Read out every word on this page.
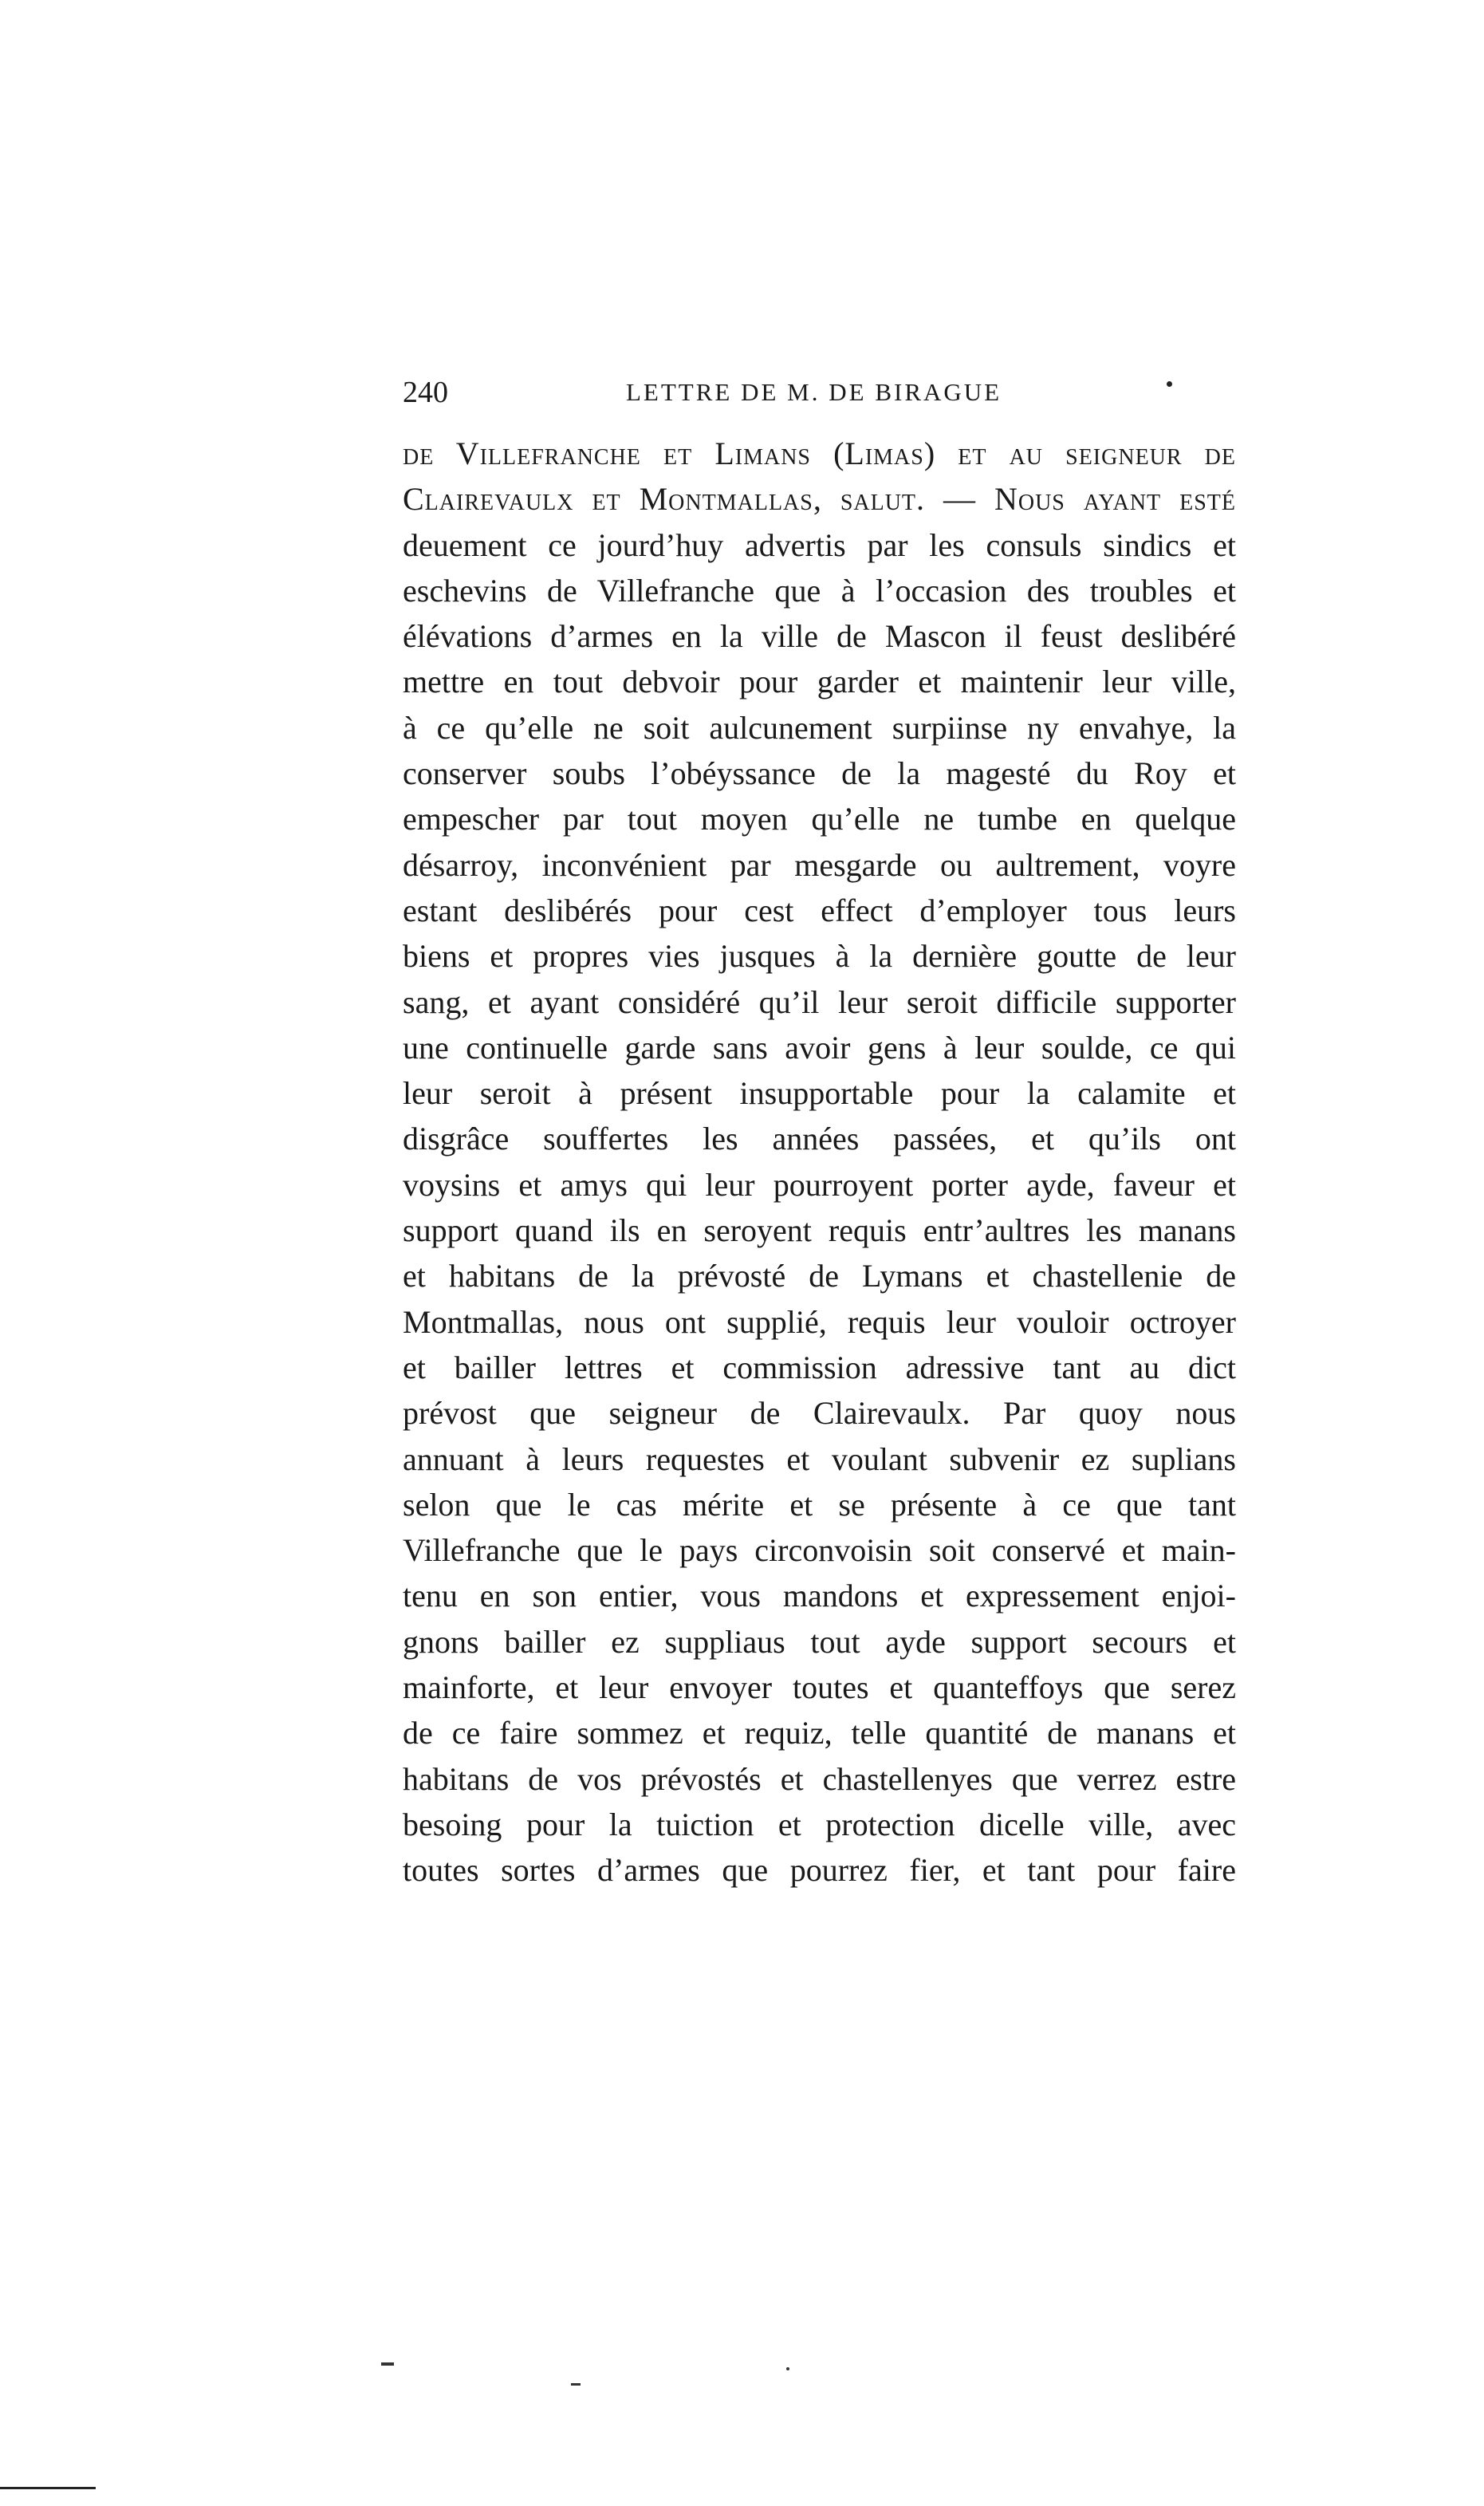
240	LETTRE DE M. DE BIRAGUE
de Villefranche et Limans (Limas) et au seigneur de
Clairevaulx et Montmallas, salut. — Nous ayant esté
deuement ce jourd’huy advertis par les consuls sindics et
eschevins de Villefranche que à l’occasion des troubles et
élévations d’armes en la ville de Mascon il feust deslibéré
mettre en tout debvoir pour garder et maintenir leur ville,
à ce qu’elle ne soit aulcunement surpiinse ny envahye, la
conserver soubs l’obéyssance de la magesté du Roy et
empescher par tout moyen qu’elle ne tumbe en quelque
désarroy, inconvénient par mesgarde ou aultrement, voyre
estant deslibérés pour cest effect d’employer tous leurs
biens et propres vies jusques à la dernière goutte de leur
sang, et ayant considéré qu’il leur seroit difficile supporter
une continuelle garde sans avoir gens à leur soulde, ce qui
leur seroit à présent insupportable pour la calamite et
disgrâce souffertes les années passées, et qu’ils ont
voysins et amys qui leur pourroyent porter ayde, faveur et
support quand ils en seroyent requis entr’aultres les manans
et habitans de la prévosté de Lymans et chastellenie de
Montmallas, nous ont supplié, requis leur vouloir octroyer
et bailler lettres et commission adressive tant au dict
prévost que seigneur de Clairevaulx. Par quoy nous
annuant à leurs requestes et voulant subvenir ez suplians
selon que le cas mérite et se présente à ce que tant
Villefranche que le pays circonvoisin soit conservé et main-
tenu en son entier, vous mandons et expressement enjoi-
gnons bailler ez suppliaus tout ayde support secours et
mainforte, et leur envoyer toutes et quanteffoys que serez
de ce faire sommez et requiz, telle quantité de manans et
habitans de vos prévostés et chastellenyes que verrez estre
besoing pour la tuiction et protection dicelle ville, avec
toutes sortes d’armes que pourrez fier, et tant pour faire
